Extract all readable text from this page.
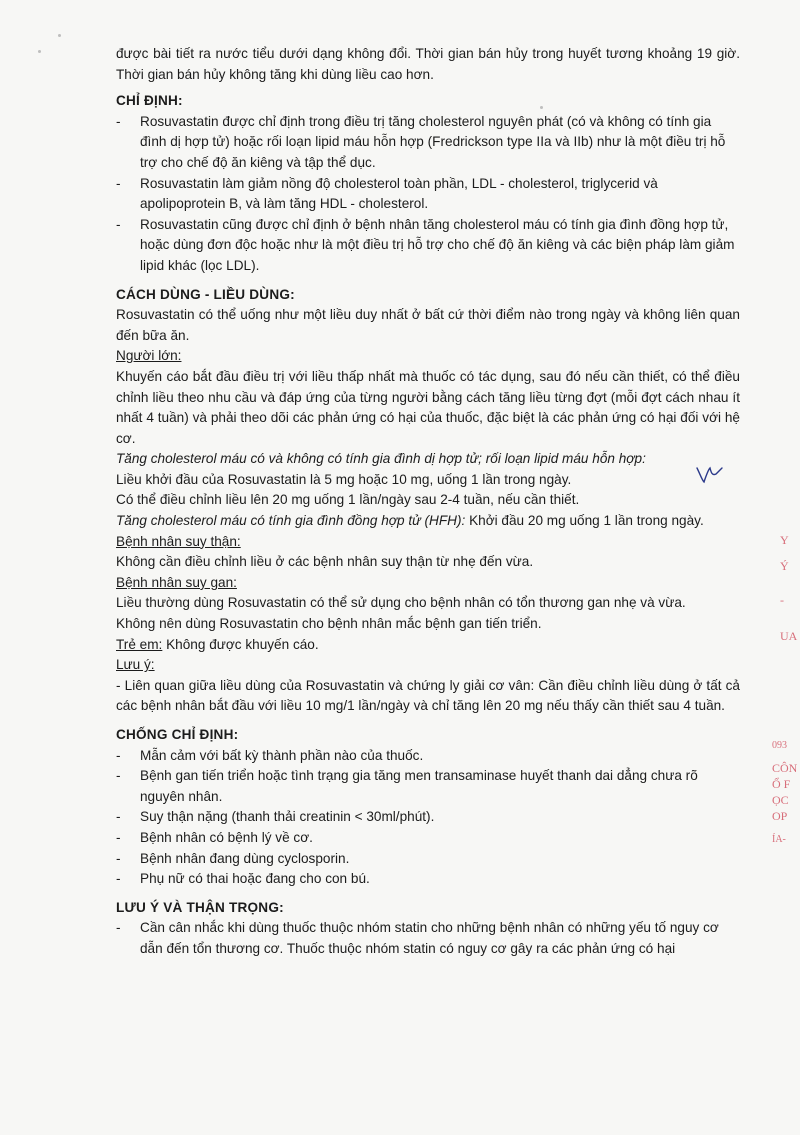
được bài tiết ra nước tiểu dưới dạng không đổi. Thời gian bán hủy trong huyết tương khoảng 19 giờ. Thời gian bán hủy không tăng khi dùng liều cao hơn.

CHỈ ĐỊNH:

- Rosuvastatin được chỉ định trong điều trị tăng cholesterol nguyên phát (có và không có tính gia đình dị hợp tử) hoặc rối loạn lipid máu hỗn hợp (Fredrickson type IIa và IIb) như là một điều trị hỗ trợ cho chế độ ăn kiêng và tập thể dục.
- Rosuvastatin làm giảm nồng độ cholesterol toàn phần, LDL - cholesterol, triglycerid và apolipoprotein B, và làm tăng HDL - cholesterol.
- Rosuvastatin cũng được chỉ định ở bệnh nhân tăng cholesterol máu có tính gia đình đồng hợp tử, hoặc dùng đơn độc hoặc như là một điều trị hỗ trợ cho chế độ ăn kiêng và các biện pháp làm giảm lipid khác (lọc LDL).

CÁCH DÙNG - LIỀU DÙNG:

Rosuvastatin có thể uống như một liều duy nhất ở bất cứ thời điểm nào trong ngày và không liên quan đến bữa ăn.

Người lớn:

Khuyến cáo bắt đầu điều trị với liều thấp nhất mà thuốc có tác dụng, sau đó nếu cần thiết, có thể điều chỉnh liều theo nhu cầu và đáp ứng của từng người bằng cách tăng liều từng đợt (mỗi đợt cách nhau ít nhất 4 tuần) và phải theo dõi các phản ứng có hại của thuốc, đặc biệt là các phản ứng có hại đối với hệ cơ.

Tăng cholesterol máu có và không có tính gia đình dị hợp tử; rối loạn lipid máu hỗn hợp:

Liều khởi đầu của Rosuvastatin là 5 mg hoặc 10 mg, uống 1 lần trong ngày.

Có thể điều chỉnh liều lên 20 mg uống 1 lần/ngày sau 2-4 tuần, nếu cần thiết.

Tăng cholesterol máu có tính gia đình đồng hợp tử (HFH): Khởi đầu 20 mg uống 1 lần trong ngày.

Bệnh nhân suy thận:

Không cần điều chỉnh liều ở các bệnh nhân suy thận từ nhẹ đến vừa.

Bệnh nhân suy gan:

Liều thường dùng Rosuvastatin có thể sử dụng cho bệnh nhân có tổn thương gan nhẹ và vừa.

Không nên dùng Rosuvastatin cho bệnh nhân mắc bệnh gan tiến triển.

Trẻ em: Không được khuyến cáo.

Lưu ý:

- Liên quan giữa liều dùng của Rosuvastatin và chứng ly giải cơ vân: Cần điều chỉnh liều dùng ở tất cả các bệnh nhân bắt đầu với liều 10 mg/1 lần/ngày và chỉ tăng lên 20 mg nếu thấy cần thiết sau 4 tuần.

CHỐNG CHỈ ĐỊNH:

- Mẫn cảm với bất kỳ thành phần nào của thuốc.
- Bệnh gan tiến triển hoặc tình trạng gia tăng men transaminase huyết thanh dai dẳng chưa rõ nguyên nhân.
- Suy thận nặng (thanh thải creatinin < 30ml/phút).
- Bệnh nhân có bệnh lý về cơ.
- Bệnh nhân đang dùng cyclosporin.
- Phụ nữ có thai hoặc đang cho con bú.

LƯU Ý VÀ THẬN TRỌNG:

- Cần cân nhắc khi dùng thuốc thuộc nhóm statin cho những bệnh nhân có những yếu tố nguy cơ dẫn đến tổn thương cơ. Thuốc thuộc nhóm statin có nguy cơ gây ra các phản ứng có hại
Y
Ý
-
UA
093
CÔN
Ổ F
ỌC
OP
ÍA-
